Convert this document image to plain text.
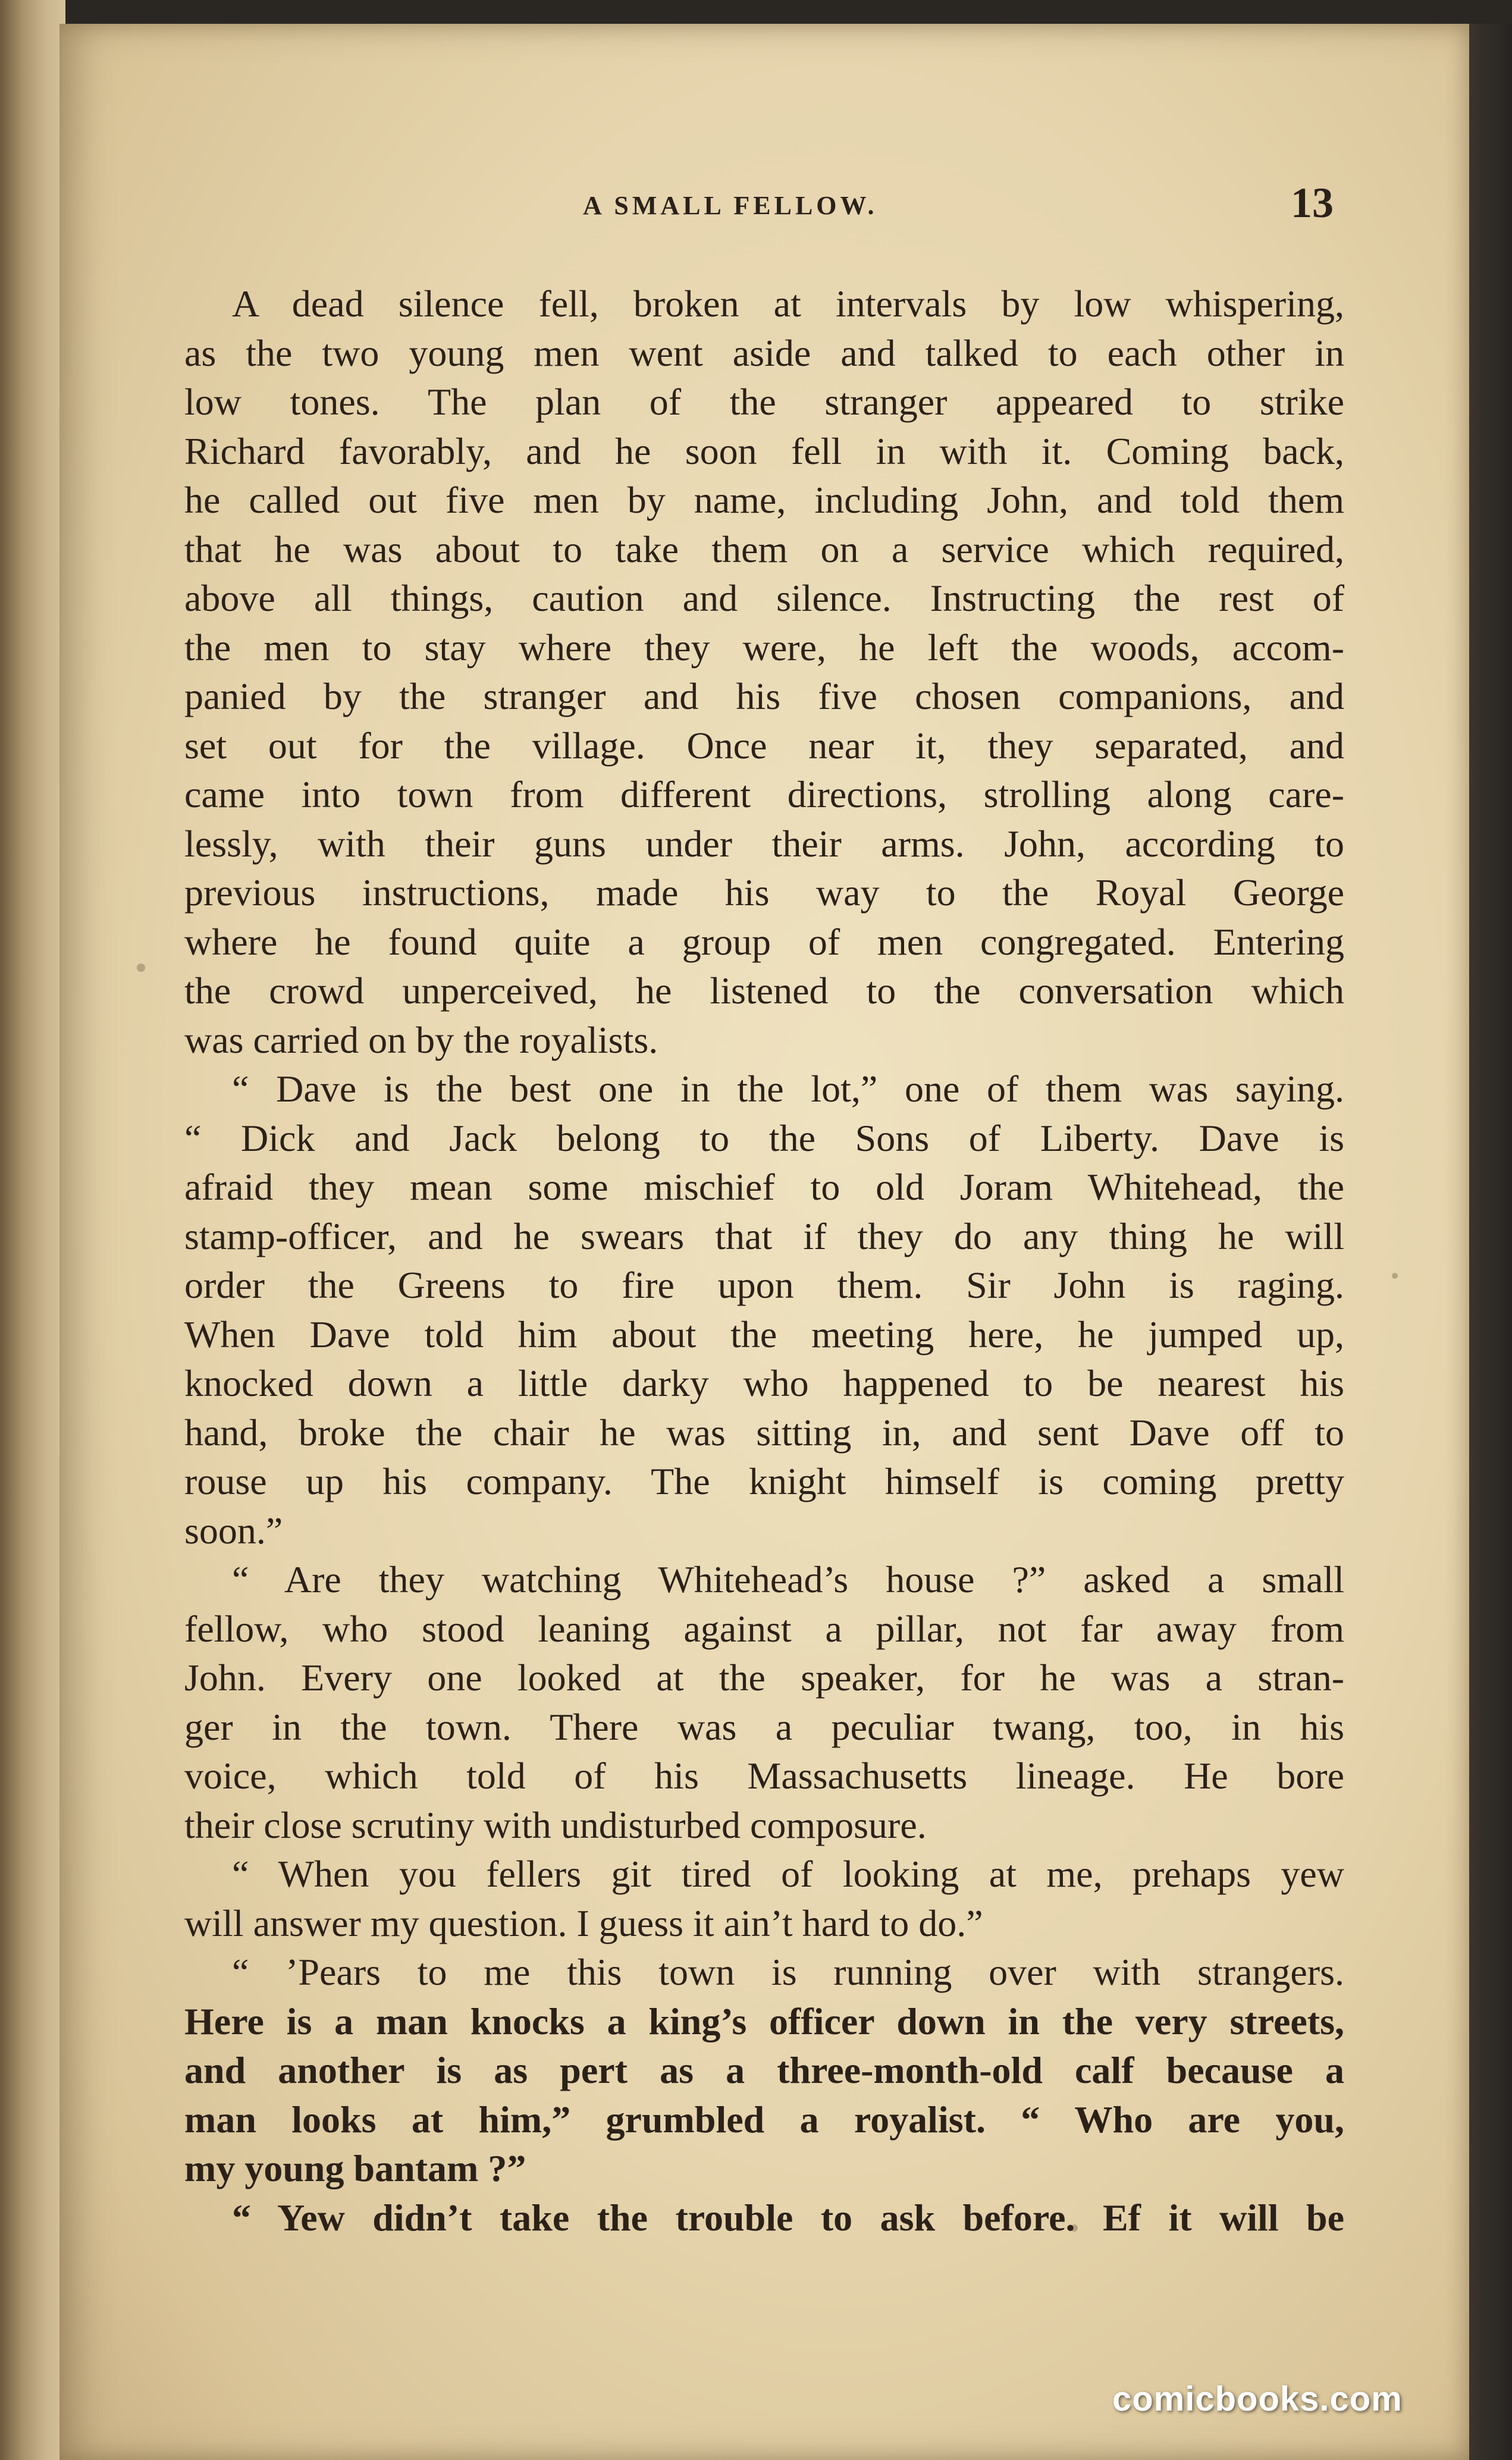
A SMALL FELLOW.	13
A dead silence fell, broken at intervals by low whispering,
as the two young men went aside and talked to each other in
low tones. The plan of the stranger appeared to strike
Richard favorably, and he soon fell in with it. Coming back,
he called out five men by name, including John, and told them
that he was about to take them on a service which required,
above all things, caution and silence. Instructing the rest of
the men to stay where they were, he left the woods, accom-
panied by the stranger and his five chosen companions, and
set out for the village. Once near it, they separated, and
came into town from different directions, strolling along care-
lessly, with their guns under their arms. John, according to
previous instructions, made his way to the Royal George
where he found quite a group of men congregated. Entering
the crowd unperceived, he listened to the conversation which
was carried on by the royalists.
“ Dave is the best one in the lot,” one of them was saying.
“ Dick and Jack belong to the Sons of Liberty. Dave is
afraid they mean some mischief to old Joram Whitehead, the
stamp-officer, and he swears that if they do any thing he will
order the Greens to fire upon them. Sir John is raging.
When Dave told him about the meeting here, he jumped up,
knocked down a little darky who happened to be nearest his
hand, broke the chair he was sitting in, and sent Dave off to
rouse up his company. The knight himself is coming pretty
soon.”
“ Are they watching Whitehead’s house ?” asked a small
fellow, who stood leaning against a pillar, not far away from
John. Every one looked at the speaker, for he was a stran-
ger in the town. There was a peculiar twang, too, in his
voice, which told of his Massachusetts lineage. He bore
their close scrutiny with undisturbed composure.
“ When you fellers git tired of looking at me, prehaps yew
will answer my question. I guess it ain’t hard to do.”
“ ’Pears to me this town is running over with strangers.
Here is a man knocks a king’s officer down in the very streets,
and another is as pert as a three-month-old calf because a
man looks at him,” grumbled a royalist. “ Who are you,
my young bantam ?”
“ Yew didn’t take the trouble to ask before. Ef it will be
comicbooks.com
